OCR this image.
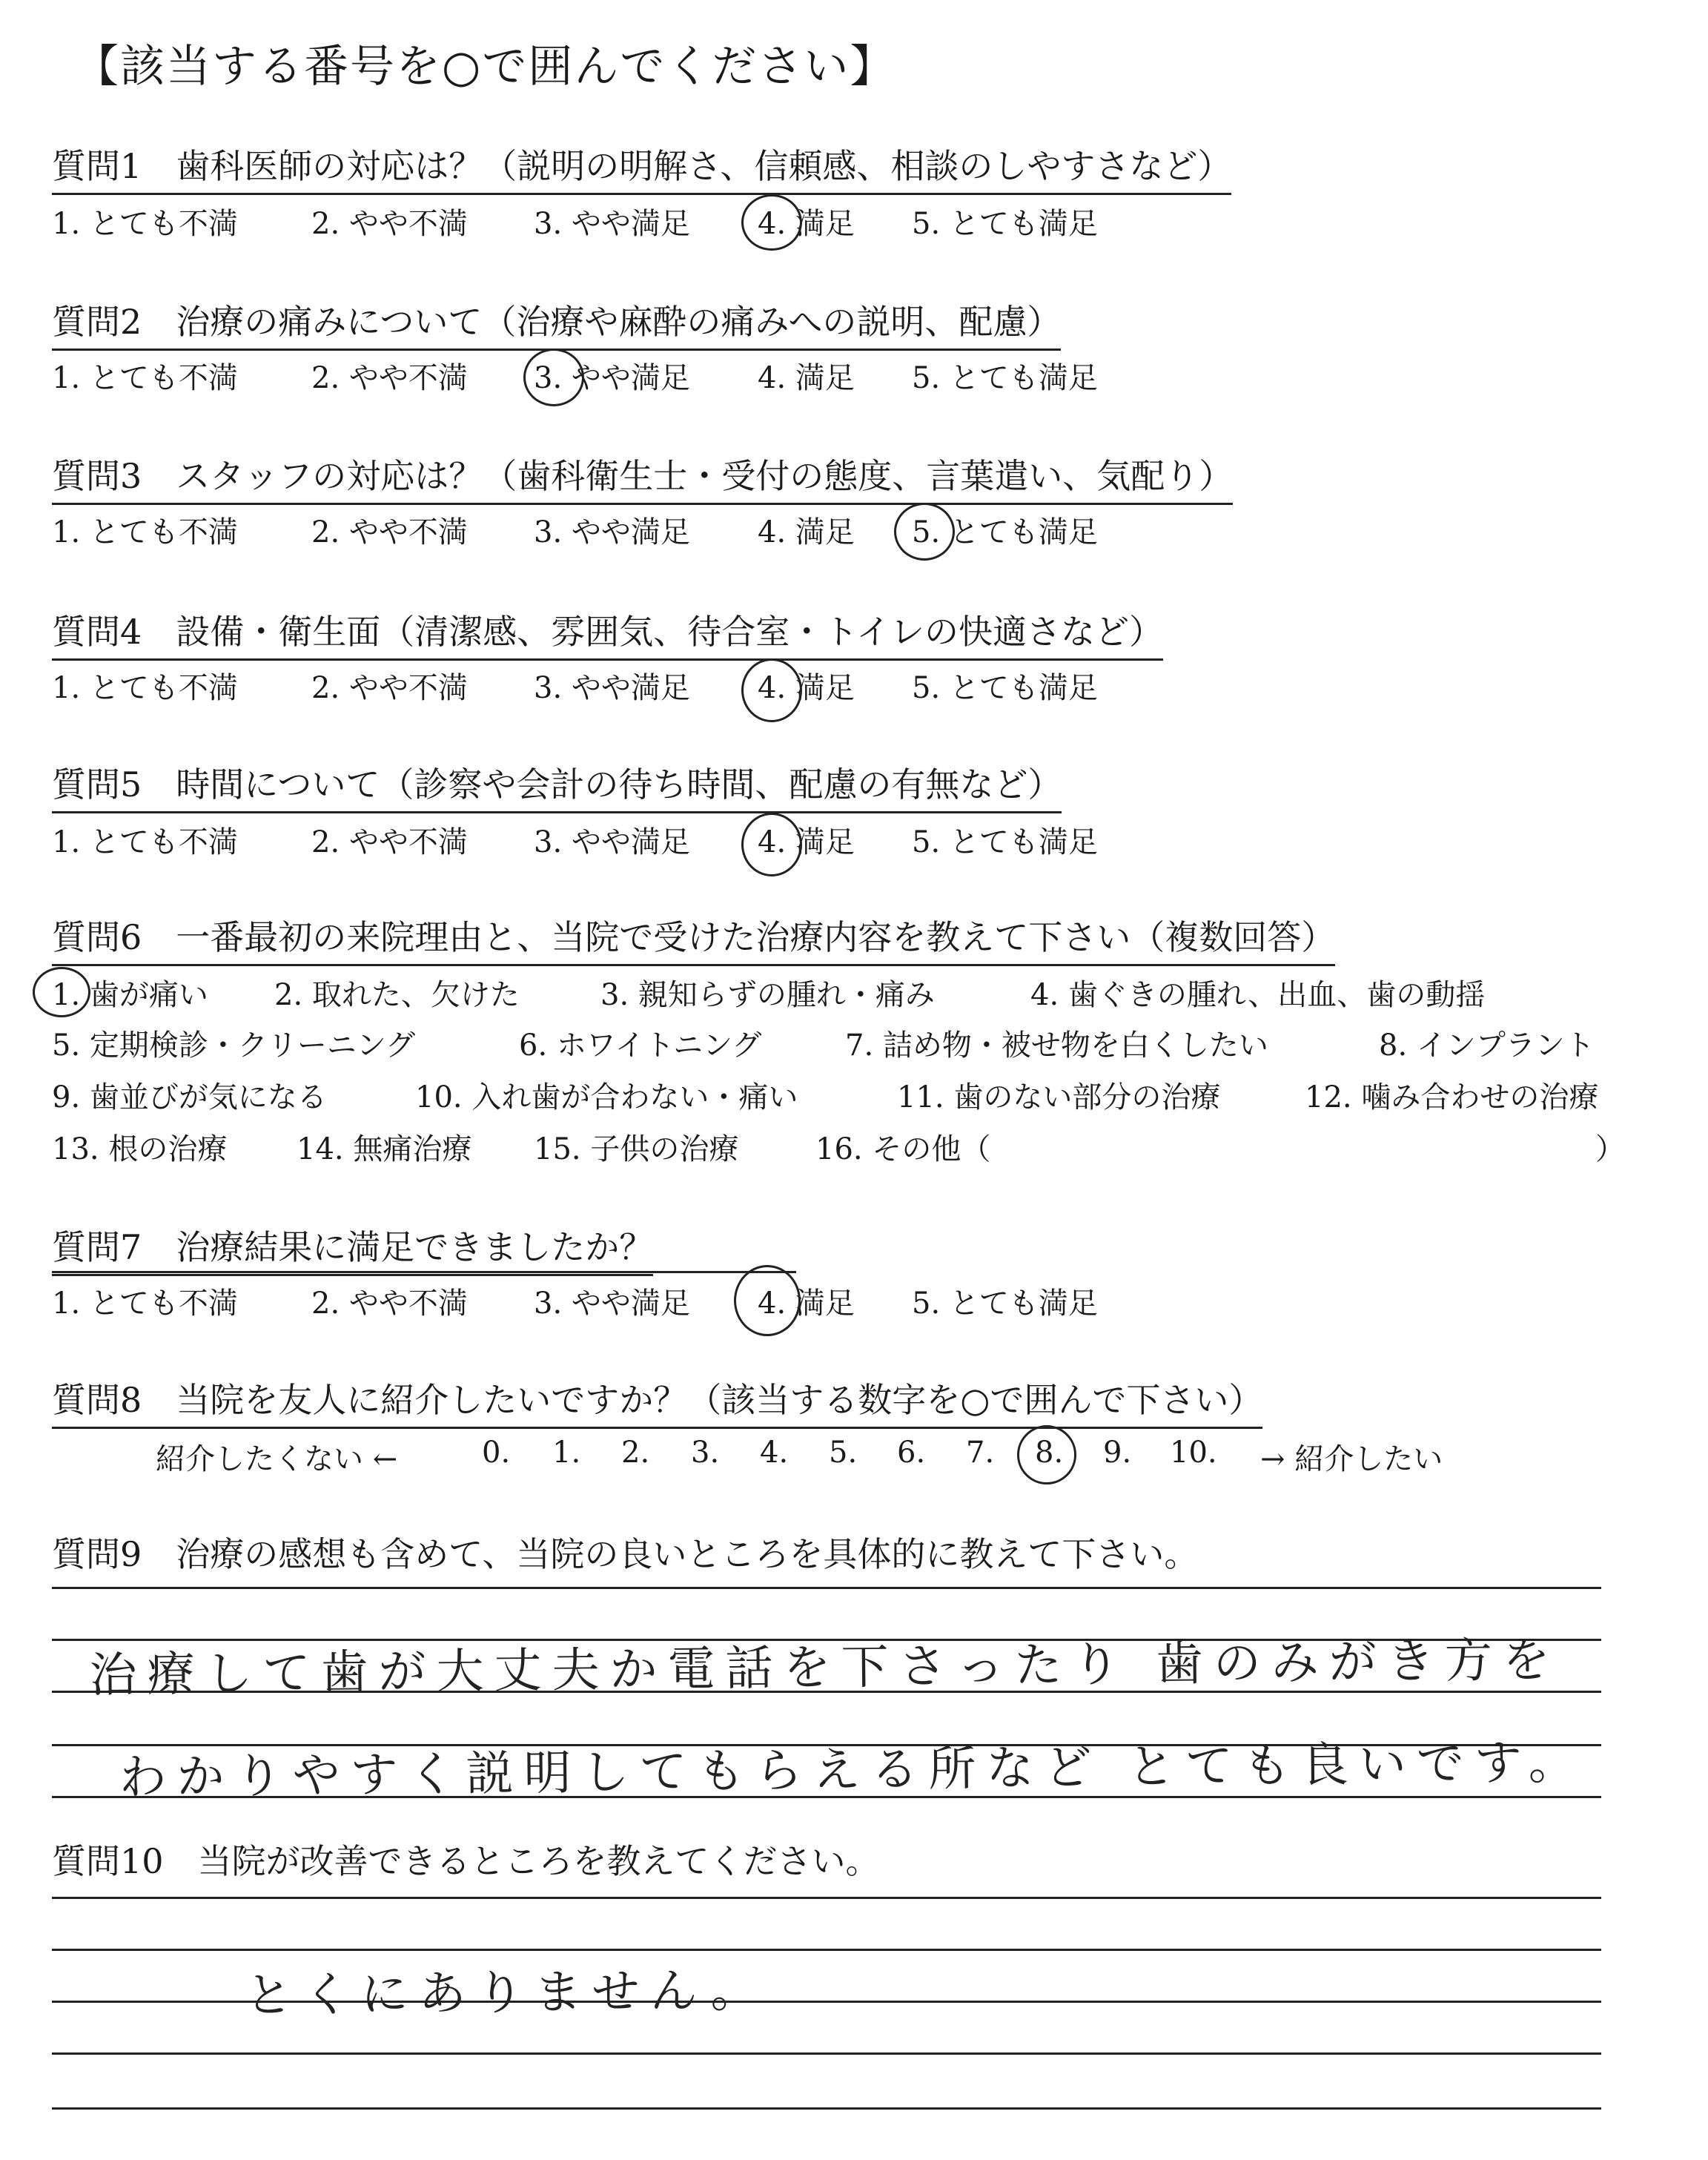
【該当する番号を○で囲んでください】
質問1　歯科医師の対応は？（説明の明解さ、信頼感、相談のしやすさなど）
1. とても不満 2. やや不満 3. やや満足 4. 満足 5. とても満足
質問2　治療の痛みについて（治療や麻酔の痛みへの説明、配慮）
1. とても不満 2. やや不満 3. やや満足 4. 満足 5. とても満足
質問3　スタッフの対応は？（歯科衛生士・受付の態度、言葉遣い、気配り）
1. とても不満 2. やや不満 3. やや満足 4. 満足 5. とても満足
質問4　設備・衛生面（清潔感、雰囲気、待合室・トイレの快適さなど）
1. とても不満 2. やや不満 3. やや満足 4. 満足 5. とても満足
質問5　時間について（診察や会計の待ち時間、配慮の有無など）
1. とても不満 2. やや不満 3. やや満足 4. 満足 5. とても満足
質問6　一番最初の来院理由と、当院で受けた治療内容を教えて下さい（複数回答）
1. 歯が痛い 2. 取れた、欠けた	3. 親知らずの腫れ・痛み	4. 歯ぐきの腫れ、出血、歯の動揺
5. 定期検診・クリーニング	6. ホワイトニング	7. 詰め物・被せ物を白くしたい	8. インプラント
9. 歯並びが気になる	10. 入れ歯が合わない・痛い	11. 歯のない部分の治療	12. 噛み合わせの治療
13. 根の治療 14. 無痛治療 15. 子供の治療	16. その他（	）
質問7　治療結果に満足できましたか？
1. とても不満 2. やや不満 3. やや満足 4. 満足 5. とても満足
質問8　当院を友人に紹介したいですか？（該当する数字を○で囲んで下さい）
紹介したくない ←	0. 1. 2. 3. 4. 5. 6. 7. 8. 9. 10. → 紹介したい
質問9　治療の感想も含めて、当院の良いところを具体的に教えて下さい。
治療して歯が大丈夫か電話を下さったり 歯のみがき方を
わかりやすく説明してもらえる所など とても良いです。
質問10　当院が改善できるところを教えてください。
とくにありません。
